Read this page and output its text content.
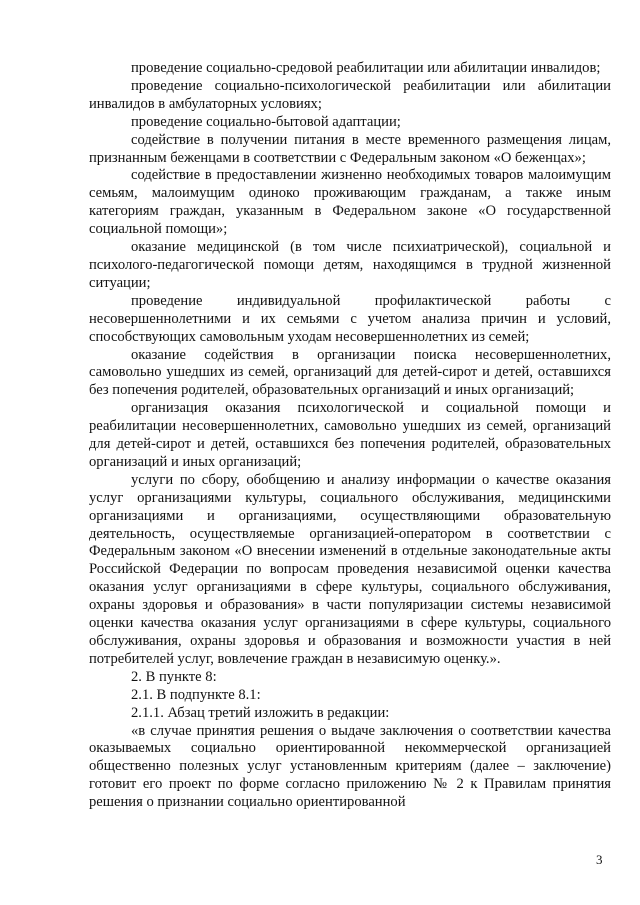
проведение социально-средовой реабилитации или абилитации инвалидов;

проведение социально-психологической реабилитации или абилитации инвалидов в амбулаторных условиях;

проведение социально-бытовой адаптации;

содействие в получении питания в месте временного размещения лицам, признанным беженцами в соответствии с Федеральным законом «О беженцах»;

содействие в предоставлении жизненно необходимых товаров малоимущим семьям, малоимущим одиноко проживающим гражданам, а также иным категориям граждан, указанным в Федеральном законе «О государственной социальной помощи»;

оказание медицинской (в том числе психиатрической), социальной и психолого-педагогической помощи детям, находящимся в трудной жизненной ситуации;

проведение индивидуальной профилактической работы с несовершеннолетними и их семьями с учетом анализа причин и условий, способствующих самовольным уходам несовершеннолетних из семей;

оказание содействия в организации поиска несовершеннолетних, самовольно ушедших из семей, организаций для детей-сирот и детей, оставшихся без попечения родителей, образовательных организаций и иных организаций;

организация оказания психологической и социальной помощи и реабилитации несовершеннолетних, самовольно ушедших из семей, организаций для детей-сирот и детей, оставшихся без попечения родителей, образовательных организаций и иных организаций;

услуги по сбору, обобщению и анализу информации о качестве оказания услуг организациями культуры, социального обслуживания, медицинскими организациями и организациями, осуществляющими образовательную деятельность, осуществляемые организацией-оператором в соответствии с Федеральным законом «О внесении изменений в отдельные законодательные акты Российской Федерации по вопросам проведения независимой оценки качества оказания услуг организациями в сфере культуры, социального обслуживания, охраны здоровья и образования» в части популяризации системы независимой оценки качества оказания услуг организациями в сфере культуры, социального обслуживания, охраны здоровья и образования и возможности участия в ней потребителей услуг, вовлечение граждан в независимую оценку.».

2. В пункте 8:

2.1. В подпункте 8.1:

2.1.1. Абзац третий изложить в редакции:

«в случае принятия решения о выдаче заключения о соответствии качества оказываемых социально ориентированной некоммерческой организацией общественно полезных услуг установленным критериям (далее – заключение) готовит его проект по форме согласно приложению № 2 к Правилам принятия решения о признании социально ориентированной

3
